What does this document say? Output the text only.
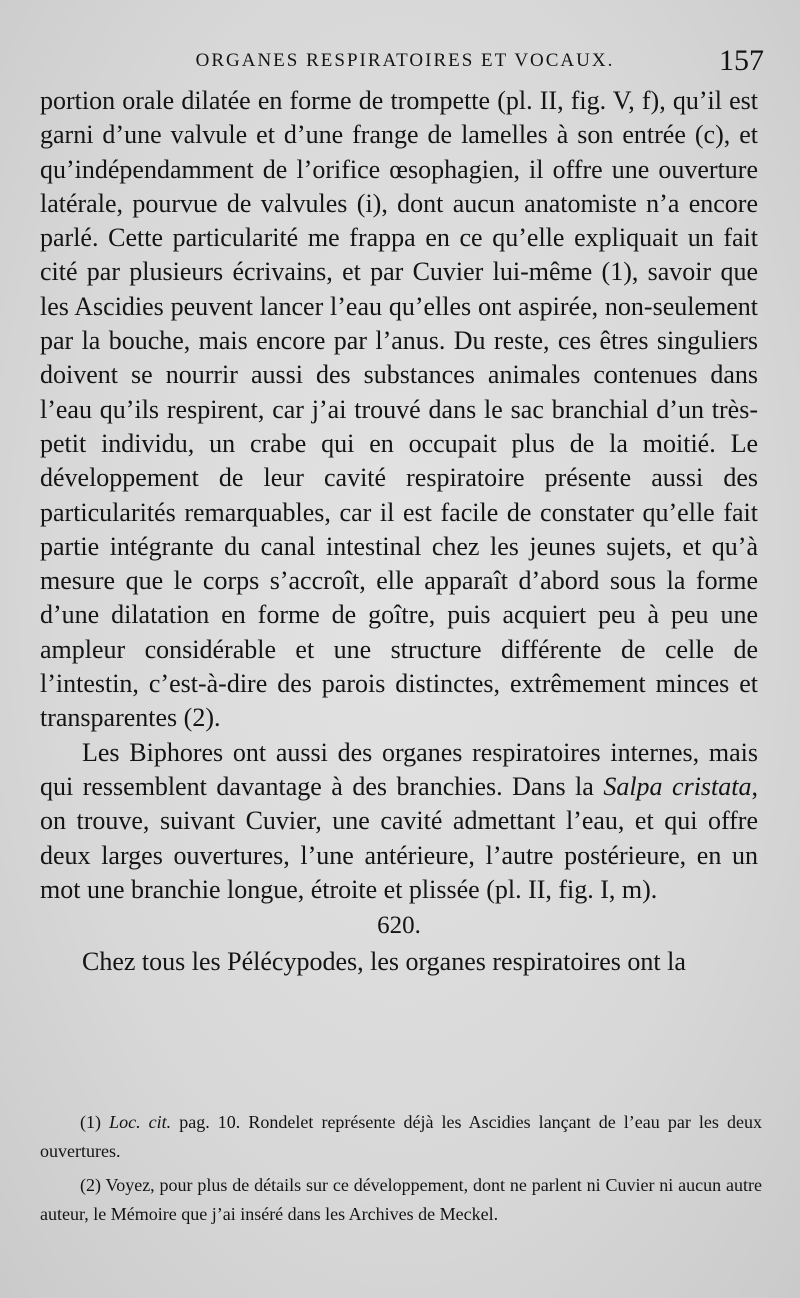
ORGANES RESPIRATOIRES ET VOCAUX.	157

portion orale dilatée en forme de trompette (pl. II, fig. V, f), qu’il est garni d’une valvule et d’une frange de lamelles à son entrée (c), et qu’indépendamment de l’orifice œsophagien, il offre une ouverture latérale, pourvue de valvules (i), dont aucun anatomiste n’a encore parlé. Cette particularité me frappa en ce qu’elle expliquait un fait cité par plusieurs écrivains, et par Cuvier lui-même (1), savoir que les Ascidies peuvent lancer l’eau qu’elles ont aspirée, non-seulement par la bouche, mais encore par l’anus. Du reste, ces êtres singuliers doivent se nourrir aussi des substances animales contenues dans l’eau qu’ils respirent, car j’ai trouvé dans le sac branchial d’un très-petit individu, un crabe qui en occupait plus de la moitié. Le développement de leur cavité respiratoire présente aussi des particularités remarquables, car il est facile de constater qu’elle fait partie intégrante du canal intestinal chez les jeunes sujets, et qu’à mesure que le corps s’accroît, elle apparaît d’abord sous la forme d’une dilatation en forme de goître, puis acquiert peu à peu une ampleur considérable et une structure différente de celle de l’intestin, c’est-à-dire des parois distinctes, extrêmement minces et transparentes (2).

Les Biphores ont aussi des organes respiratoires internes, mais qui ressemblent davantage à des branchies. Dans la Salpa cristata, on trouve, suivant Cuvier, une cavité admettant l’eau, et qui offre deux larges ouvertures, l’une antérieure, l’autre postérieure, en un mot une branchie longue, étroite et plissée (pl. II, fig. I, m).

620.

Chez tous les Pélécypodes, les organes respiratoires ont la

(1) Loc. cit. pag. 10. Rondelet représente déjà les Ascidies lançant de l’eau par les deux ouvertures.

(2) Voyez, pour plus de détails sur ce développement, dont ne parlent ni Cuvier ni aucun autre auteur, le Mémoire que j’ai inséré dans les Archives de Meckel.
